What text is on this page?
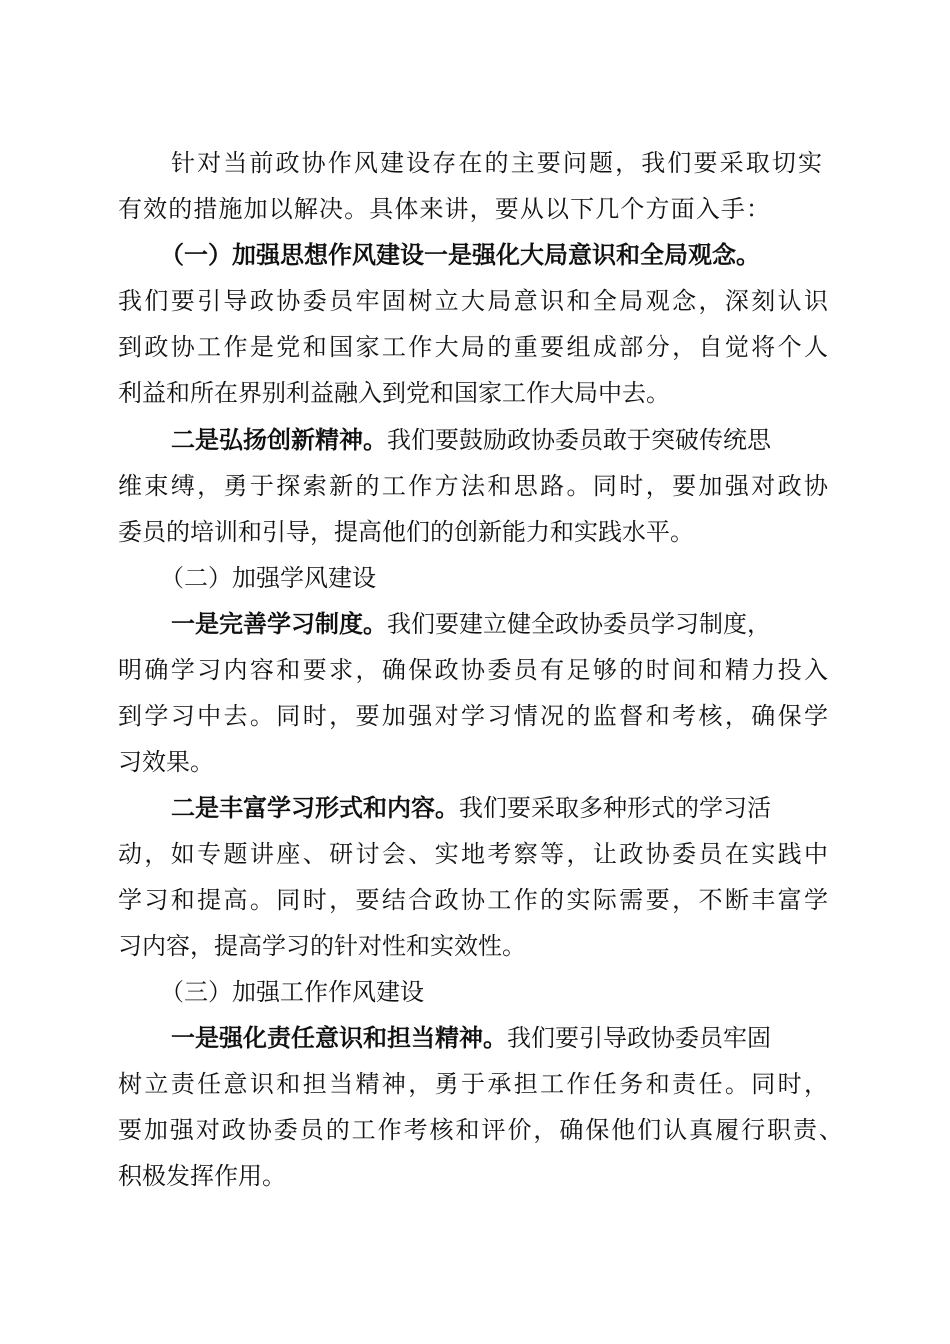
针对当前政协作风建设存在的主要问题，我们要采取切实
有效的措施加以解决。具体来讲，要从以下几个方面入手：
（一）加强思想作风建设一是强化大局意识和全局观念。
我们要引导政协委员牢固树立大局意识和全局观念，深刻认识
到政协工作是党和国家工作大局的重要组成部分，自觉将个人
利益和所在界别利益融入到党和国家工作大局中去。
二是弘扬创新精神。我们要鼓励政协委员敢于突破传统思
维束缚，勇于探索新的工作方法和思路。同时，要加强对政协
委员的培训和引导，提高他们的创新能力和实践水平。
（二）加强学风建设
一是完善学习制度。我们要建立健全政协委员学习制度，
明确学习内容和要求，确保政协委员有足够的时间和精力投入
到学习中去。同时，要加强对学习情况的监督和考核，确保学
习效果。
二是丰富学习形式和内容。我们要采取多种形式的学习活
动，如专题讲座、研讨会、实地考察等，让政协委员在实践中
学习和提高。同时，要结合政协工作的实际需要，不断丰富学
习内容，提高学习的针对性和实效性。
（三）加强工作作风建设
一是强化责任意识和担当精神。我们要引导政协委员牢固
树立责任意识和担当精神，勇于承担工作任务和责任。同时，
要加强对政协委员的工作考核和评价，确保他们认真履行职责、
积极发挥作用。
